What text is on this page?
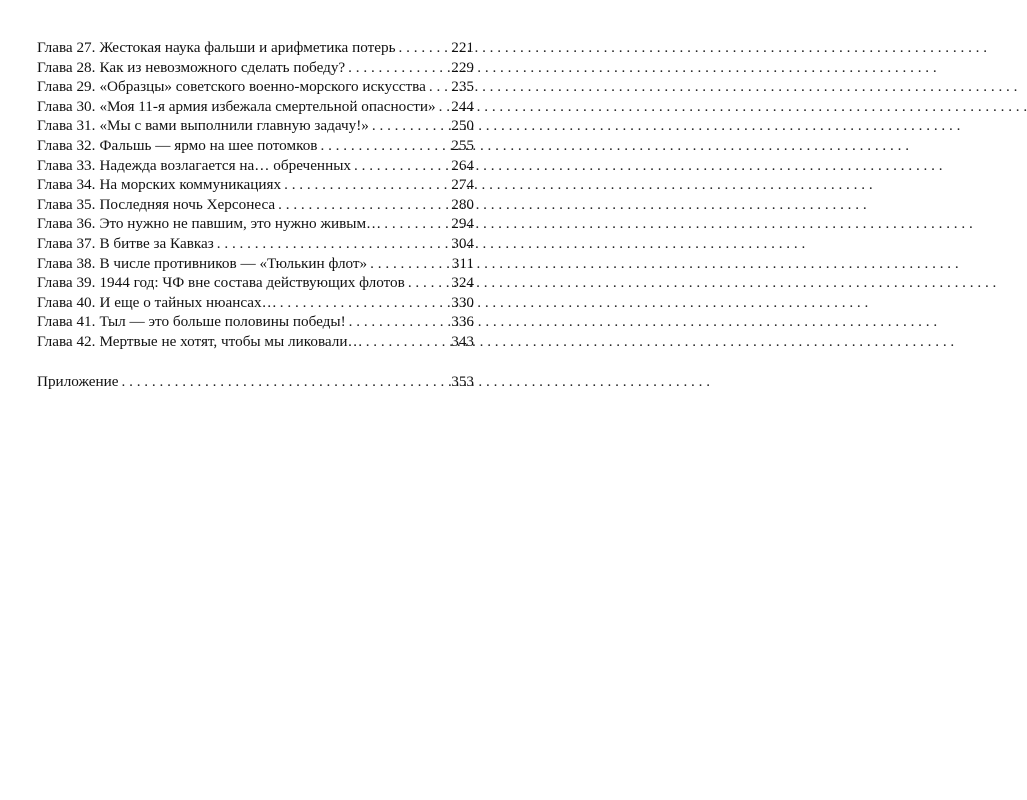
Глава 27. Жестокая наука фальши и арифметика потерь . . .	221
Глава 28. Как из невозможного сделать победу? . . .	229
Глава 29. «Образцы» советского военно-морского искусства . . . 235
Глава 30. «Моя 11-я армия избежала смертельной опасности» . . . 244
Глава 31. «Мы с вами выполнили главную задачу!» . . .	250
Глава 32. Фальшь — ярмо на шее потомков . . .	255
Глава 33. Надежда возлагается на… обреченных . . .	264
Глава 34. На морских коммуникациях . . .	274
Глава 35. Последняя ночь Херсонеса . . .	280
Глава 36. Это нужно не павшим, это нужно живым… . . .	294
Глава 37. В битве за Кавказ . . .	304
Глава 38. В числе противников — «Тюлькин флот» . . .	311
Глава 39. 1944 год: ЧФ вне состава действующих флотов . . .	324
Глава 40. И еще о тайных нюансах… . . .	330
Глава 41. Тыл — это больше половины победы! . . .	336
Глава 42. Мертвые не хотят, чтобы мы ликовали… . . .	343
Приложение . . .	353
